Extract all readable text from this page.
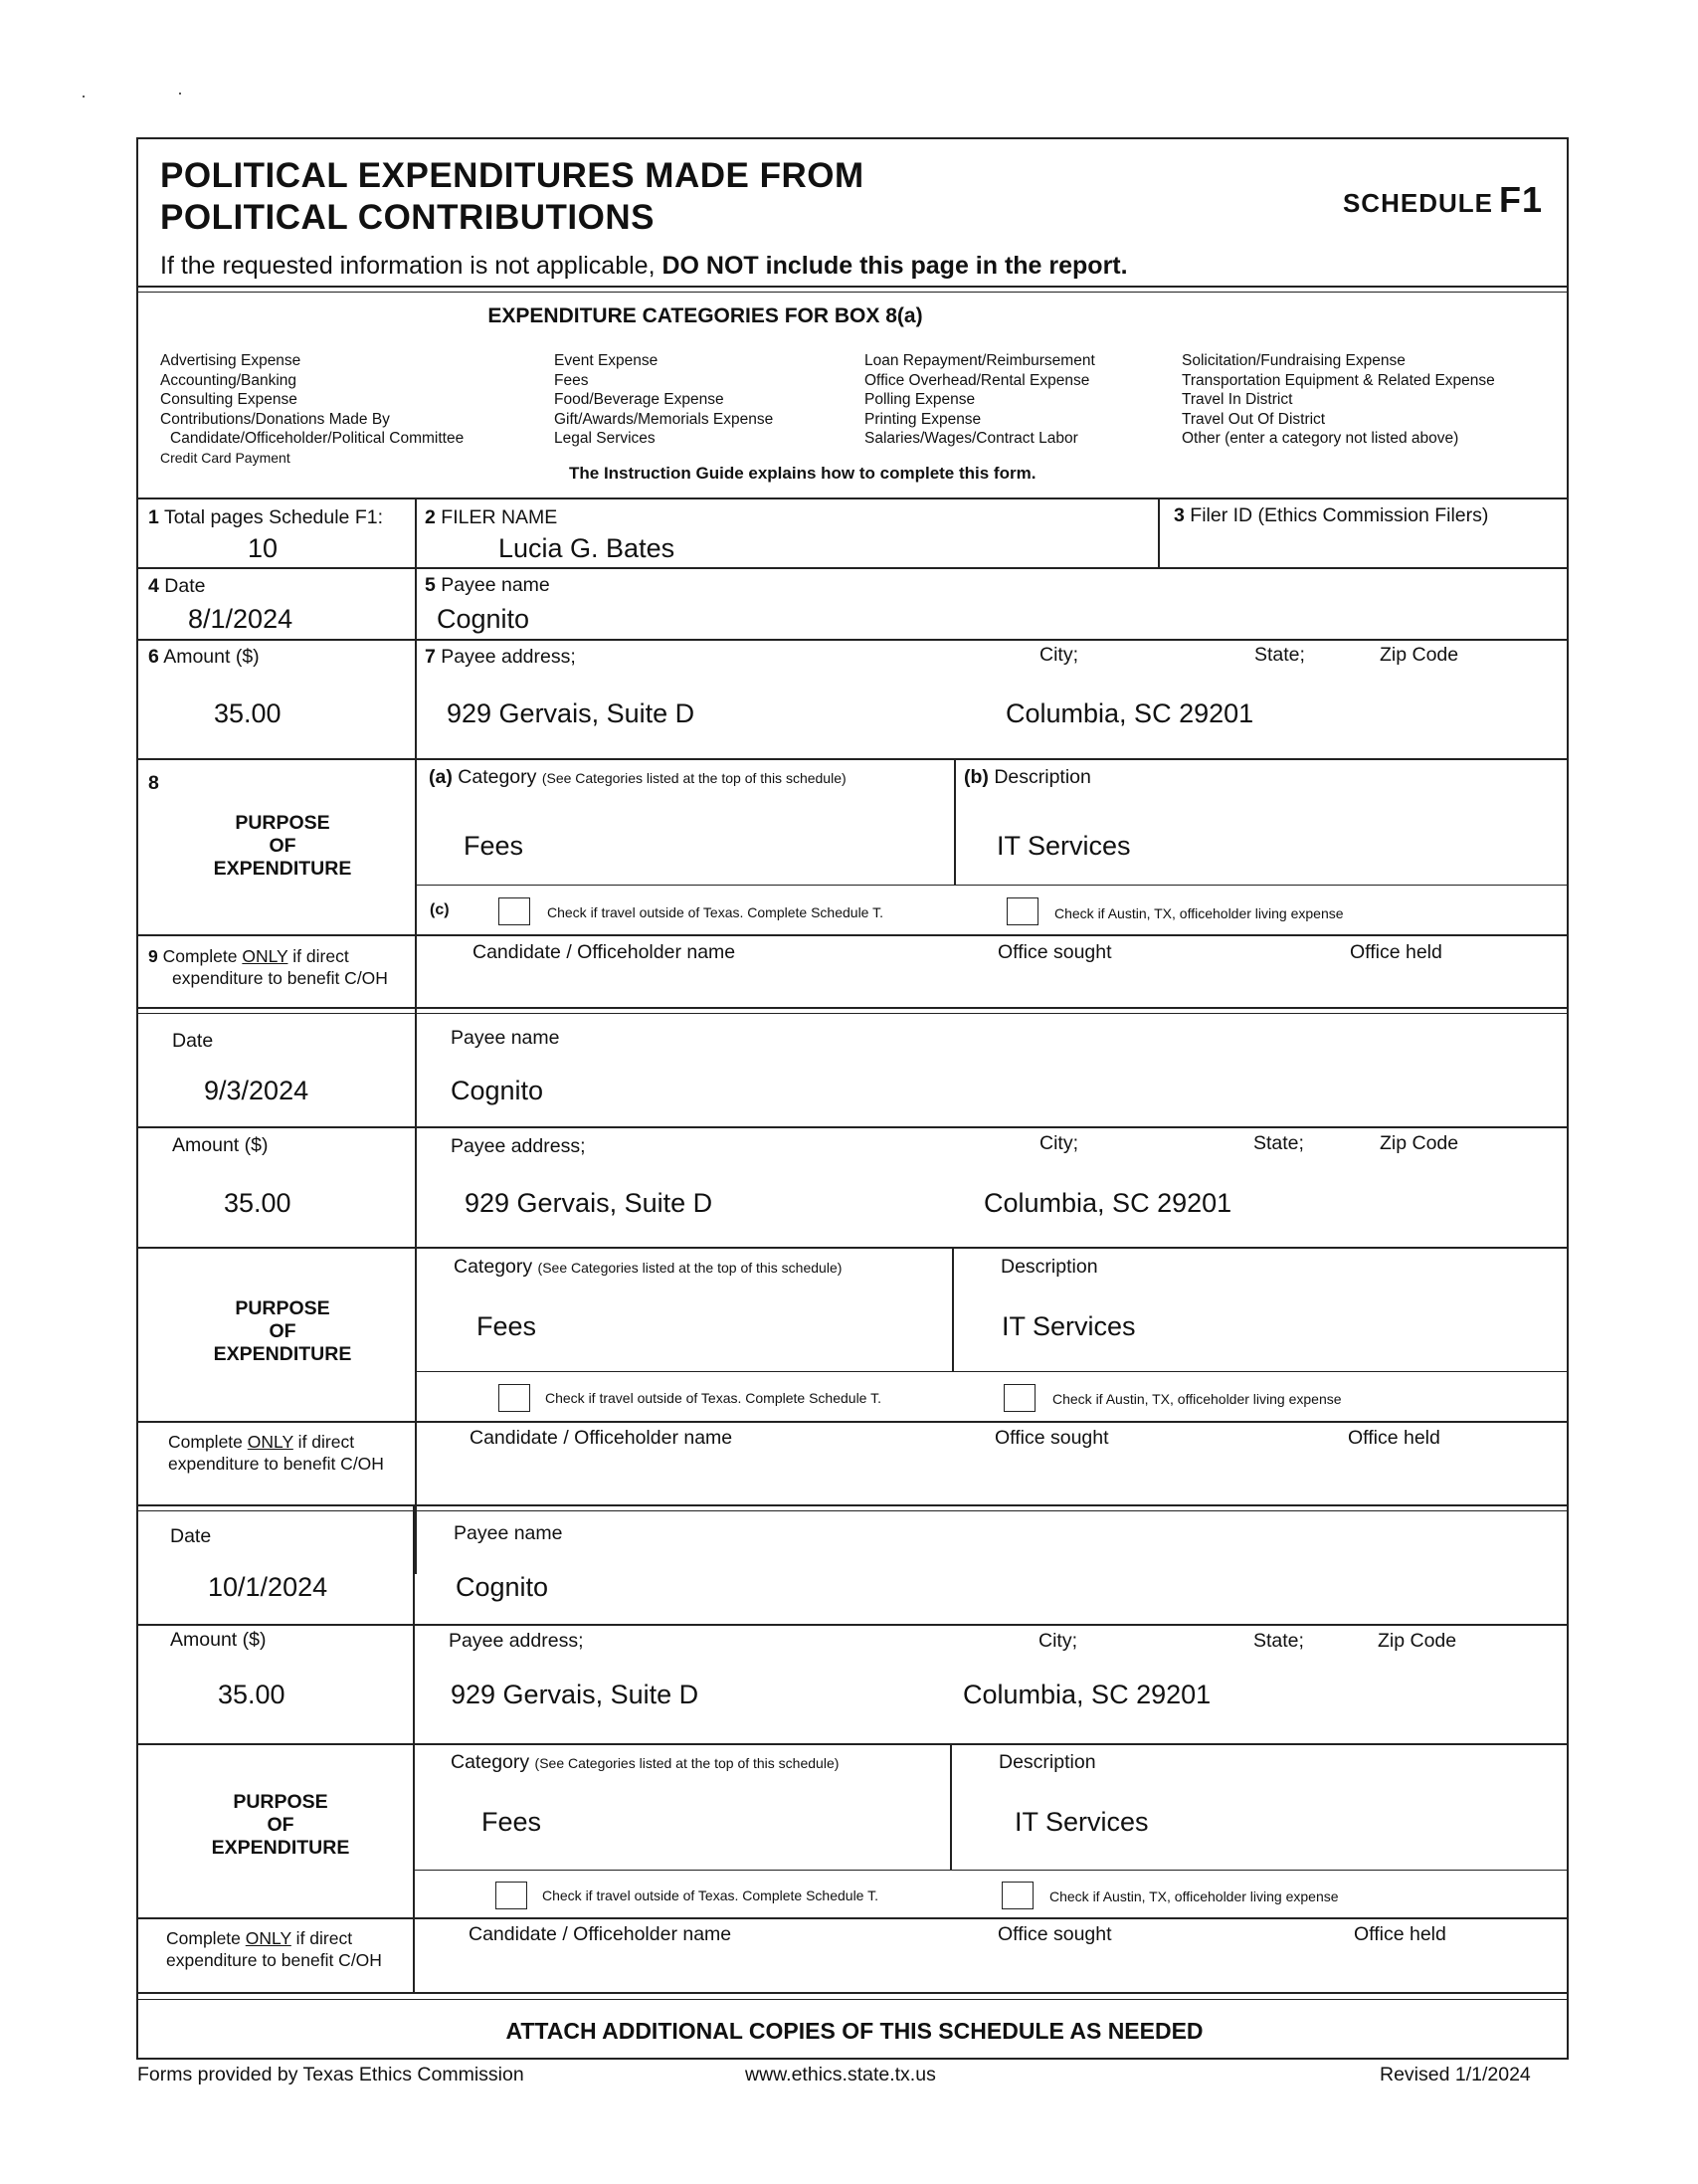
POLITICAL EXPENDITURES MADE FROM
POLITICAL CONTRIBUTIONS	SCHEDULE F1
If the requested information is not applicable, DO NOT include this page in the report.
EXPENDITURE CATEGORIES FOR BOX 8(a)
Advertising Expense
Accounting/Banking
Consulting Expense
Contributions/Donations Made By
Candidate/Officeholder/Political Committee
Credit Card Payment
Event Expense
Fees
Food/Beverage Expense
Gift/Awards/Memorials Expense
Legal Services
Loan Repayment/Reimbursement
Office Overhead/Rental Expense
Polling Expense
Printing Expense
Salaries/Wages/Contract Labor
Solicitation/Fundraising Expense
Transportation Equipment & Related Expense
Travel In District
Travel Out Of District
Other (enter a category not listed above)
The Instruction Guide explains how to complete this form.
1 Total pages Schedule F1:
10
2 FILER NAME
Lucia G. Bates
3 Filer ID (Ethics Commission Filers)
4 Date
8/1/2024
5 Payee name
Cognito
6 Amount ($)
35.00
7 Payee address;	City;	State;	Zip Code
929 Gervais, Suite D	Columbia, SC 29201
8
PURPOSE
OF
EXPENDITURE
(a) Category (See Categories listed at the top of this schedule)	(b) Description
Fees	IT Services
(c)	Check if travel outside of Texas. Complete Schedule T.	Check if Austin, TX, officeholder living expense
9 Complete ONLY if direct
expenditure to benefit C/OH
Candidate / Officeholder name	Office sought	Office held
Date
9/3/2024
Payee name
Cognito
Amount ($)
35.00
Payee address;	City;	State;	Zip Code
929 Gervais, Suite D	Columbia, SC 29201
PURPOSE
OF
EXPENDITURE
Category (See Categories listed at the top of this schedule)	Description
Fees	IT Services
Check if travel outside of Texas. Complete Schedule T.	Check if Austin, TX, officeholder living expense
Complete ONLY if direct
expenditure to benefit C/OH
Candidate / Officeholder name	Office sought	Office held
Date
10/1/2024
Payee name
Cognito
Amount ($)
35.00
Payee address;	City;	State;	Zip Code
929 Gervais, Suite D	Columbia, SC 29201
PURPOSE
OF
EXPENDITURE
Category (See Categories listed at the top of this schedule)	Description
Fees	IT Services
Check if travel outside of Texas. Complete Schedule T.	Check if Austin, TX, officeholder living expense
Complete ONLY if direct
expenditure to benefit C/OH
Candidate / Officeholder name	Office sought	Office held
ATTACH ADDITIONAL COPIES OF THIS SCHEDULE AS NEEDED
Forms provided by Texas Ethics Commission	www.ethics.state.tx.us	Revised 1/1/2024
